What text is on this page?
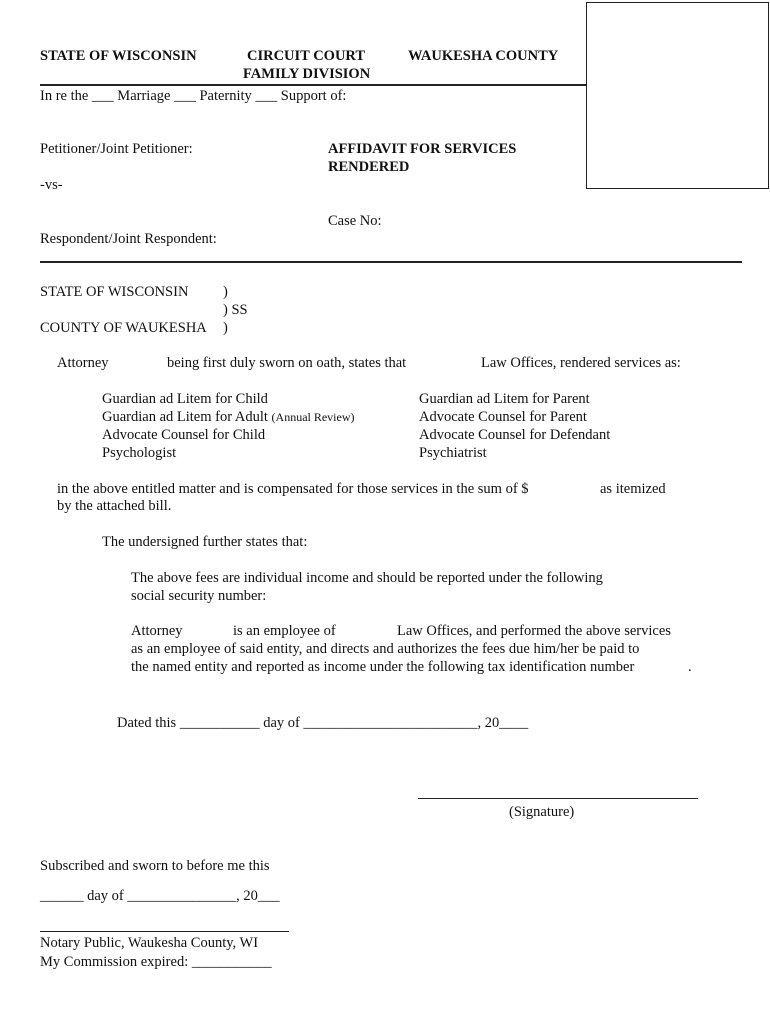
STATE OF WISCONSIN	CIRCUIT COURT
FAMILY DIVISION
WAUKESHA COUNTY
In re the ___ Marriage ___ Paternity ___ Support of:
Petitioner/Joint Petitioner:
-vs-
Respondent/Joint Respondent:
AFFIDAVIT FOR SERVICES
RENDERED
Case No:
STATE OF WISCONSIN )
) SS
COUNTY OF WAUKESHA )
Attorney	being first duly sworn on oath, states that	Law Offices, rendered services as:
Guardian ad Litem for Child
Guardian ad Litem for Adult (Annual Review)
Advocate Counsel for Child
Psychologist
Guardian ad Litem for Parent
Advocate Counsel for Parent
Advocate Counsel for Defendant
Psychiatrist
in the above entitled matter and is compensated for those services in the sum of $	as itemized
by the attached bill.
The undersigned further states that:
The above fees are individual income and should be reported under the following
social security number:
Attorney	is an employee of	Law Offices, and performed the above services
as an employee of said entity, and directs and authorizes the fees due him/her be paid to
the named entity and reported as income under the following tax identification number	.
Dated this ___________ day of ________________________, 20____
(Signature)
Subscribed and sworn to before me this
______ day of _______________, 20___
Notary Public, Waukesha County, WI
My Commission expired: ___________
